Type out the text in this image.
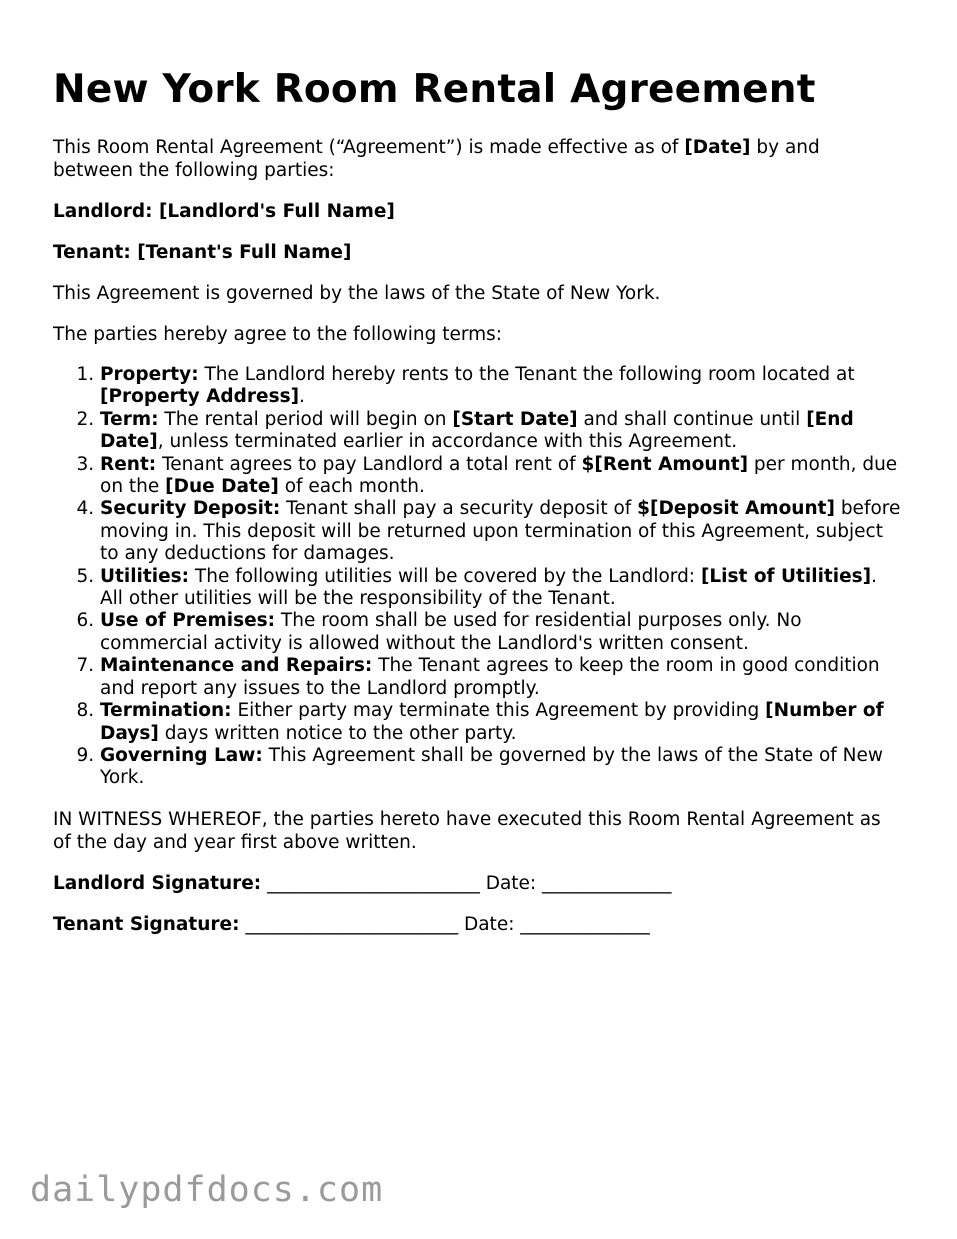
New York Room Rental Agreement

This Room Rental Agreement (“Agreement”) is made effective as of [Date] by and between the following parties:

Landlord: [Landlord's Full Name]

Tenant: [Tenant's Full Name]

This Agreement is governed by the laws of the State of New York.

The parties hereby agree to the following terms:

1. Property: The Landlord hereby rents to the Tenant the following room located at [Property Address].
2. Term: The rental period will begin on [Start Date] and shall continue until [End Date], unless terminated earlier in accordance with this Agreement.
3. Rent: Tenant agrees to pay Landlord a total rent of $[Rent Amount] per month, due on the [Due Date] of each month.
4. Security Deposit: Tenant shall pay a security deposit of $[Deposit Amount] before moving in. This deposit will be returned upon termination of this Agreement, subject to any deductions for damages.
5. Utilities: The following utilities will be covered by the Landlord: [List of Utilities]. All other utilities will be the responsibility of the Tenant.
6. Use of Premises: The room shall be used for residential purposes only. No commercial activity is allowed without the Landlord's written consent.
7. Maintenance and Repairs: The Tenant agrees to keep the room in good condition and report any issues to the Landlord promptly.
8. Termination: Either party may terminate this Agreement by providing [Number of Days] days written notice to the other party.
9. Governing Law: This Agreement shall be governed by the laws of the State of New York.

IN WITNESS WHEREOF, the parties hereto have executed this Room Rental Agreement as of the day and year first above written.

Landlord Signature: _______________________ Date: ______________
Tenant Signature: _______________________ Date: ______________
dailypdfdocs.com
